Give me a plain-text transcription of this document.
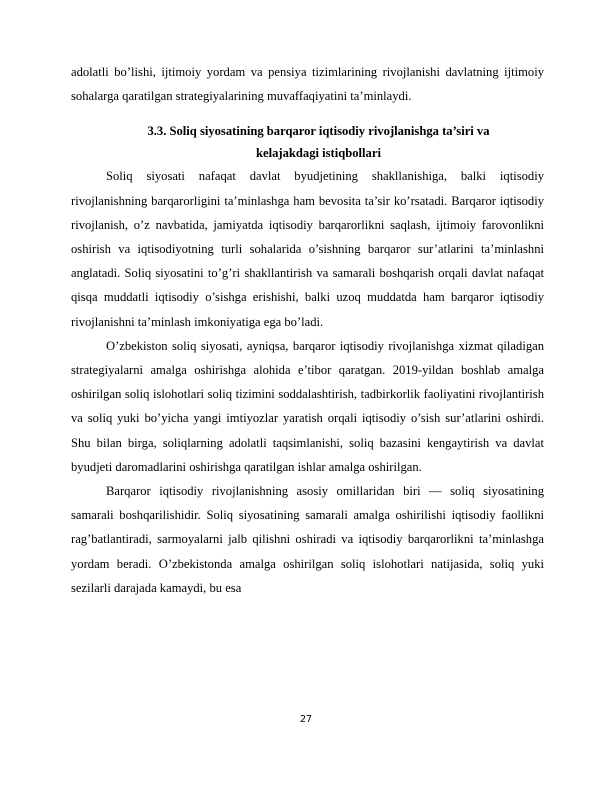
adolatli bo’lishi, ijtimoiy yordam va pensiya tizimlarining rivojlanishi davlatning ijtimoiy sohalarga qaratilgan strategiyalarining muvaffaqiyatini ta’minlaydi.

3.3. Soliq siyosatining barqaror iqtisodiy rivojlanishga ta’siri va
kelajakdagi istiqbollari

Soliq siyosati nafaqat davlat byudjetining shakllanishiga, balki iqtisodiy rivojlanishning barqarorligini ta’minlashga ham bevosita ta’sir ko’rsatadi. Barqaror iqtisodiy rivojlanish, o’z navbatida, jamiyatda iqtisodiy barqarorlikni saqlash, ijtimoiy farovonlikni oshirish va iqtisodiyotning turli sohalarida o’sishning barqaror sur’atlarini ta’minlashni anglatadi. Soliq siyosatini to’g’ri shakllantirish va samarali boshqarish orqali davlat nafaqat qisqa muddatli iqtisodiy o’sishga erishishi, balki uzoq muddatda ham barqaror iqtisodiy rivojlanishni ta’minlash imkoniyatiga ega bo’ladi.

O’zbekiston soliq siyosati, ayniqsa, barqaror iqtisodiy rivojlanishga xizmat qiladigan strategiyalarni amalga oshirishga alohida e’tibor qaratgan. 2019-yildan boshlab amalga oshirilgan soliq islohotlari soliq tizimini soddalashtirish, tadbirkorlik faoliyatini rivojlantirish va soliq yuki bo’yicha yangi imtiyozlar yaratish orqali iqtisodiy o’sish sur’atlarini oshirdi. Shu bilan birga, soliqlarning adolatli taqsimlanishi, soliq bazasini kengaytirish va davlat byudjeti daromadlarini oshirishga qaratilgan ishlar amalga oshirilgan.

Barqaror iqtisodiy rivojlanishning asosiy omillaridan biri — soliq siyosatining samarali boshqarilishidir. Soliq siyosatining samarali amalga oshirilishi iqtisodiy faollikni rag’batlantiradi, sarmoyalarni jalb qilishni oshiradi va iqtisodiy barqarorlikni ta’minlashga yordam beradi. O’zbekistonda amalga oshirilgan soliq islohotlari natijasida, soliq yuki sezilarli darajada kamaydi, bu esa

27
